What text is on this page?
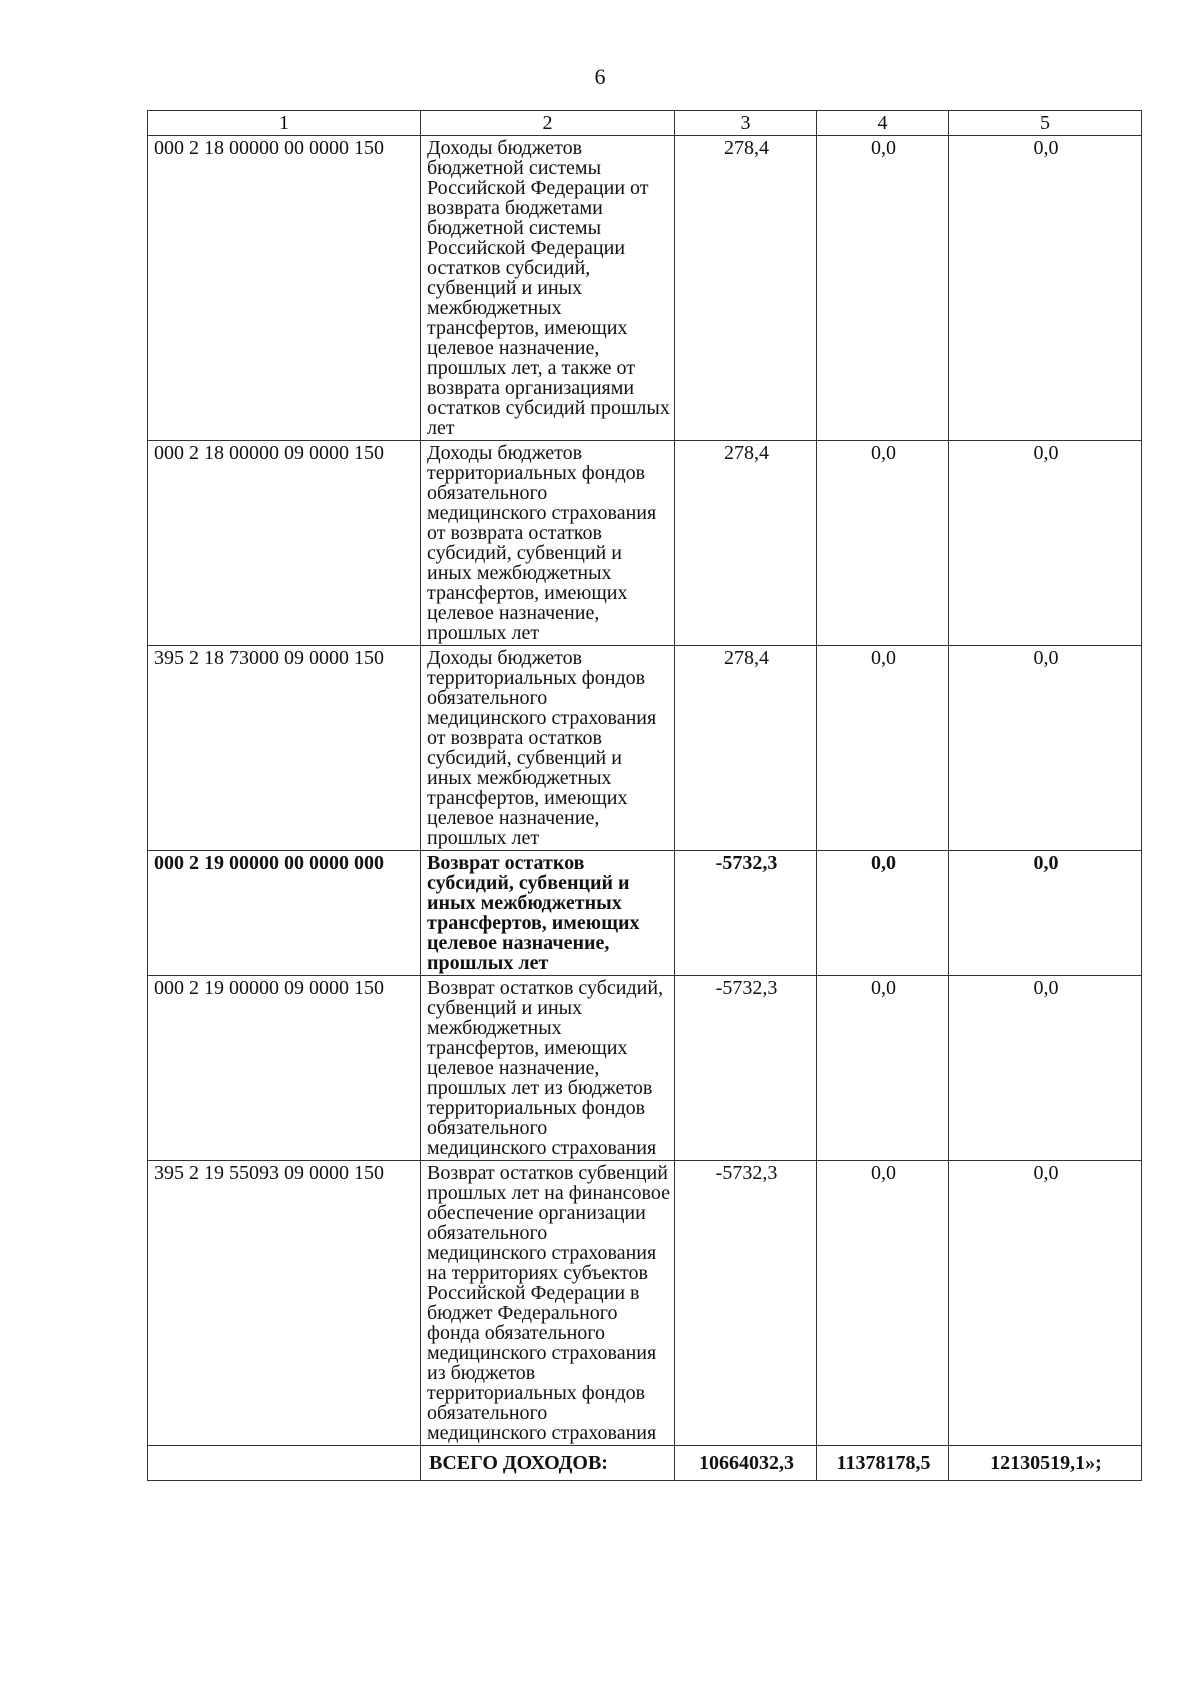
6
1	2	3	4	5
000 2 18 00000 00 0000 150	Доходы бюджетов бюджетной системы Российской Федерации от возврата бюджетами бюджетной системы Российской Федерации остатков субсидий, субвенций и иных межбюджетных трансфертов, имеющих целевое назначение, прошлых лет, а также от возврата организациями остатков субсидий прошлых лет	278,4	0,0	0,0
000 2 18 00000 09 0000 150	Доходы бюджетов территориальных фондов обязательного медицинского страхования от возврата остатков субсидий, субвенций и иных межбюджетных трансфертов, имеющих целевое назначение, прошлых лет	278,4	0,0	0,0
395 2 18 73000 09 0000 150	Доходы бюджетов территориальных фондов обязательного медицинского страхования от возврата остатков субсидий, субвенций и иных межбюджетных трансфертов, имеющих целевое назначение, прошлых лет	278,4	0,0	0,0
000 2 19 00000 00 0000 000	Возврат остатков субсидий, субвенций и иных межбюджетных трансфертов, имеющих целевое назначение, прошлых лет	-5732,3	0,0	0,0
000 2 19 00000 09 0000 150	Возврат остатков субсидий, субвенций и иных межбюджетных трансфертов, имеющих целевое назначение, прошлых лет из бюджетов территориальных фондов обязательного медицинского страхования	-5732,3	0,0	0,0
395 2 19 55093 09 0000 150	Возврат остатков субвенций прошлых лет на финансовое обеспечение организации обязательного медицинского страхования на территориях субъектов Российской Федерации в бюджет Федерального фонда обязательного медицинского страхования из бюджетов территориальных фондов обязательного медицинского страхования	-5732,3	0,0	0,0
	ВСЕГО ДОХОДОВ:	10664032,3	11378178,5	12130519,1»;
